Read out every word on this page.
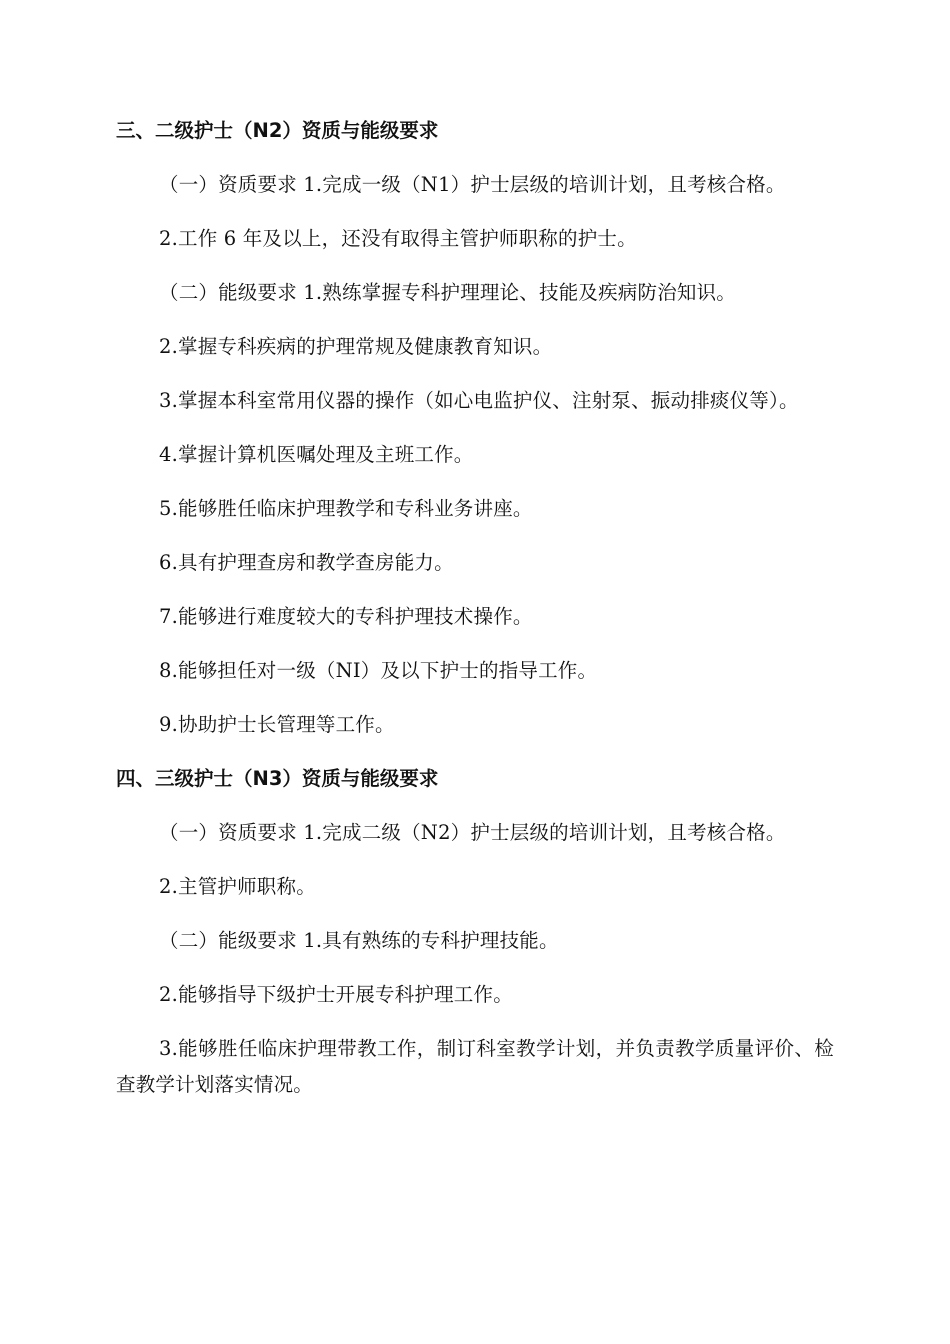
三、二级护士（N2）资质与能级要求

（一）资质要求 1.完成一级（N1）护士层级的培训计划，且考核合格。

2.工作 6 年及以上，还没有取得主管护师职称的护士。

（二）能级要求 1.熟练掌握专科护理理论、技能及疾病防治知识。

2.掌握专科疾病的护理常规及健康教育知识。

3.掌握本科室常用仪器的操作（如心电监护仪、注射泵、振动排痰仪等）。

4.掌握计算机医嘱处理及主班工作。

5.能够胜任临床护理教学和专科业务讲座。

6.具有护理查房和教学查房能力。

7.能够进行难度较大的专科护理技术操作。

8.能够担任对一级（NI）及以下护士的指导工作。

9.协助护士长管理等工作。

四、三级护士（N3）资质与能级要求

（一）资质要求 1.完成二级（N2）护士层级的培训计划，且考核合格。

2.主管护师职称。

（二）能级要求 1.具有熟练的专科护理技能。

2.能够指导下级护士开展专科护理工作。

3.能够胜任临床护理带教工作，制订科室教学计划，并负责教学质量评价、检查教学计划落实情况。
